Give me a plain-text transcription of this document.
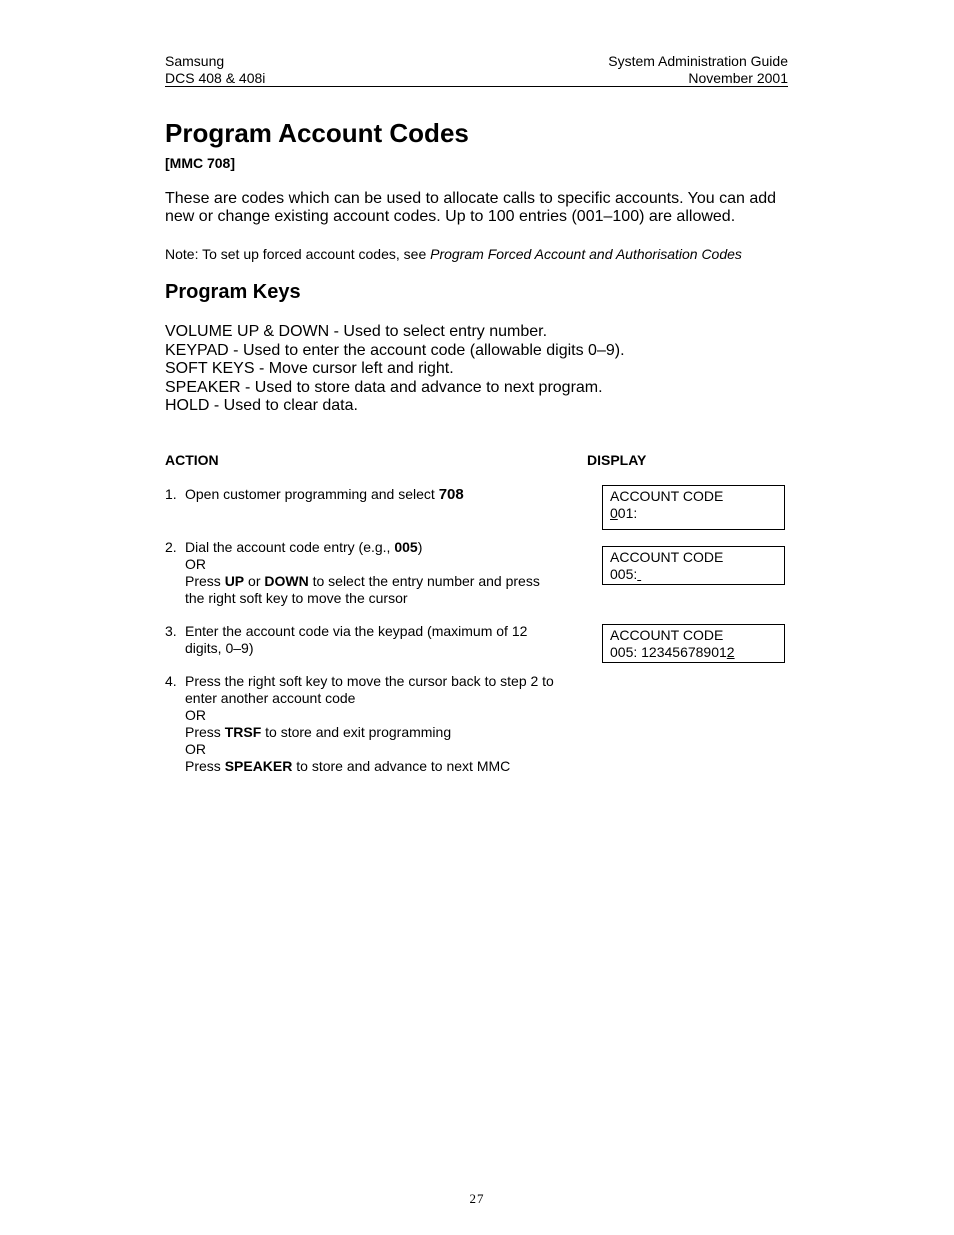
Samsung
DCS 408 & 408i
System Administration Guide
November 2001
Program Account Codes
[MMC 708]
These are codes which can be used to allocate calls to specific accounts. You can add new or change existing account codes. Up to 100 entries (001–100) are allowed.
Note: To set up forced account codes, see Program Forced Account and Authorisation Codes
Program Keys
VOLUME UP & DOWN - Used to select entry number.
KEYPAD - Used to enter the account code (allowable digits 0–9).
SOFT KEYS - Move cursor left and right.
SPEAKER - Used to store data and advance to next program.
HOLD - Used to clear data.
ACTION	DISPLAY
1. Open customer programming and select 708
2. Dial the account code entry (e.g., 005)
OR
Press UP or DOWN to select the entry number and press
the right soft key to move the cursor
3. Enter the account code via the keypad (maximum of 12
digits, 0–9)
4. Press the right soft key to move the cursor back to step 2 to
enter another account code
OR
Press TRSF to store and exit programming
OR
Press SPEAKER to store and advance to next MMC
ACCOUNT CODE
001:
ACCOUNT CODE
005:
ACCOUNT CODE
005: 123456789012
27
